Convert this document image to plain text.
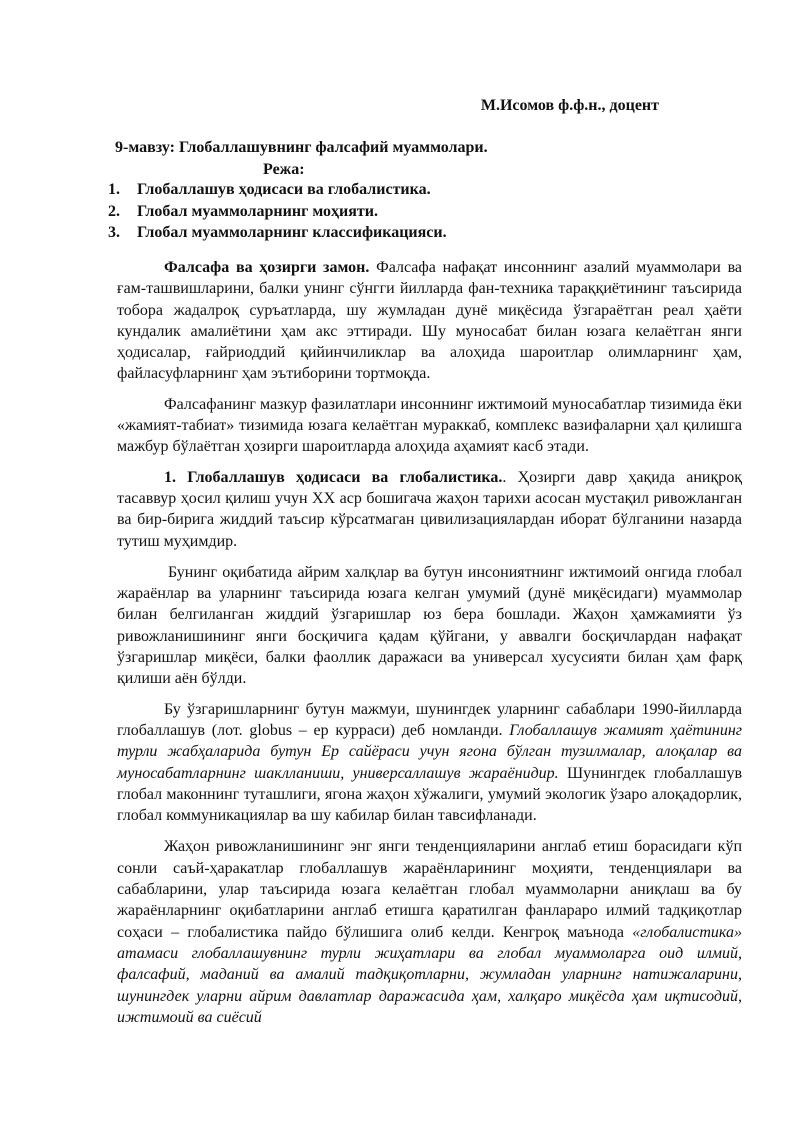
М.Исомов ф.ф.н., доцент
9-мавзу: Глобаллашувнинг фалсафий муаммолари.
Режа:
1. Глобаллашув ҳодисаси ва глобалистика.
2. Глобал муаммоларнинг моҳияти.
3. Глобал муаммоларнинг классификацияси.

Фалсафа ва ҳозирги замон. Фалсафа нафақат инсоннинг азалий муаммолари ва ғам-ташвишларини, балки унинг сўнгги йилларда фан-техника тараққиётининг таъсирида тобора жадалроқ суръатларда, шу жумладан дунё миқёсида ўзгараётган реал ҳаёти кундалик амалиётини ҳам акс эттиради. Шу муносабат билан юзага келаётган янги ҳодисалар, ғайриоддий қийинчиликлар ва алоҳида шароитлар олимларнинг ҳам, файласуфларнинг ҳам эътиборини тортмоқда.

Фалсафанинг мазкур фазилатлари инсоннинг ижтимоий муносабатлар тизимида ёки «жамият-табиат» тизимида юзага келаётган мураккаб, комплекс вазифаларни ҳал қилишга мажбур бўлаётган ҳозирги шароитларда алоҳида аҳамият касб этади.

1. Глобаллашув ҳодисаси ва глобалистика.. Ҳозирги давр ҳақида аниқроқ тасаввур ҳосил қилиш учун XX аср бошигача жаҳон тарихи асосан мустақил ривожланган ва бир-бирига жиддий таъсир кўрсатмаган цивилизациялардан иборат бўлганини назарда тутиш муҳимдир.

Бунинг оқибатида айрим халқлар ва бутун инсониятнинг ижтимоий онгида глобал жараёнлар ва уларнинг таъсирида юзага келган умумий (дунё миқёсидаги) муаммолар билан белгиланган жиддий ўзгаришлар юз бера бошлади. Жаҳон ҳамжамияти ўз ривожланишининг янги босқичига қадам қўйгани, у аввалги босқичлардан нафақат ўзгаришлар миқёси, балки фаоллик даражаси ва универсал хусусияти билан ҳам фарқ қилиши аён бўлди.

Бу ўзгаришларнинг бутун мажмуи, шунингдек уларнинг сабаблари 1990-йилларда глобаллашув (лот. globus – ер курраси) деб номланди. Глобаллашув жамият ҳаётининг турли жабҳаларида бутун Ер сайёраси учун ягона бўлган тузилмалар, алоқалар ва муносабатларнинг шаклланиши, универсаллашув жараёнидир. Шунингдек глобаллашув глобал маконнинг туташлиги, ягона жаҳон хўжалиги, умумий экологик ўзаро алоқадорлик, глобал коммуникациялар ва шу кабилар билан тавсифланади.

Жаҳон ривожланишининг энг янги тенденцияларини англаб етиш борасидаги кўп сонли саъй-ҳаракатлар глобаллашув жараёнларининг моҳияти, тенденциялари ва сабабларини, улар таъсирида юзага келаётган глобал муаммоларни аниқлаш ва бу жараёнларнинг оқибатларини англаб етишга қаратилган фанлараро илмий тадқиқотлар соҳаси – глобалистика пайдо бўлишига олиб келди. Кенгроқ маънода «глобалистика» атамаси глобаллашувнинг турли жиҳатлари ва глобал муаммоларга оид илмий, фалсафий, маданий ва амалий тадқиқотларни, жумладан уларнинг натижаларини, шунингдек уларни айрим давлатлар даражасида ҳам, халқаро миқёсда ҳам иқтисодий, ижтимоий ва сиёсий
